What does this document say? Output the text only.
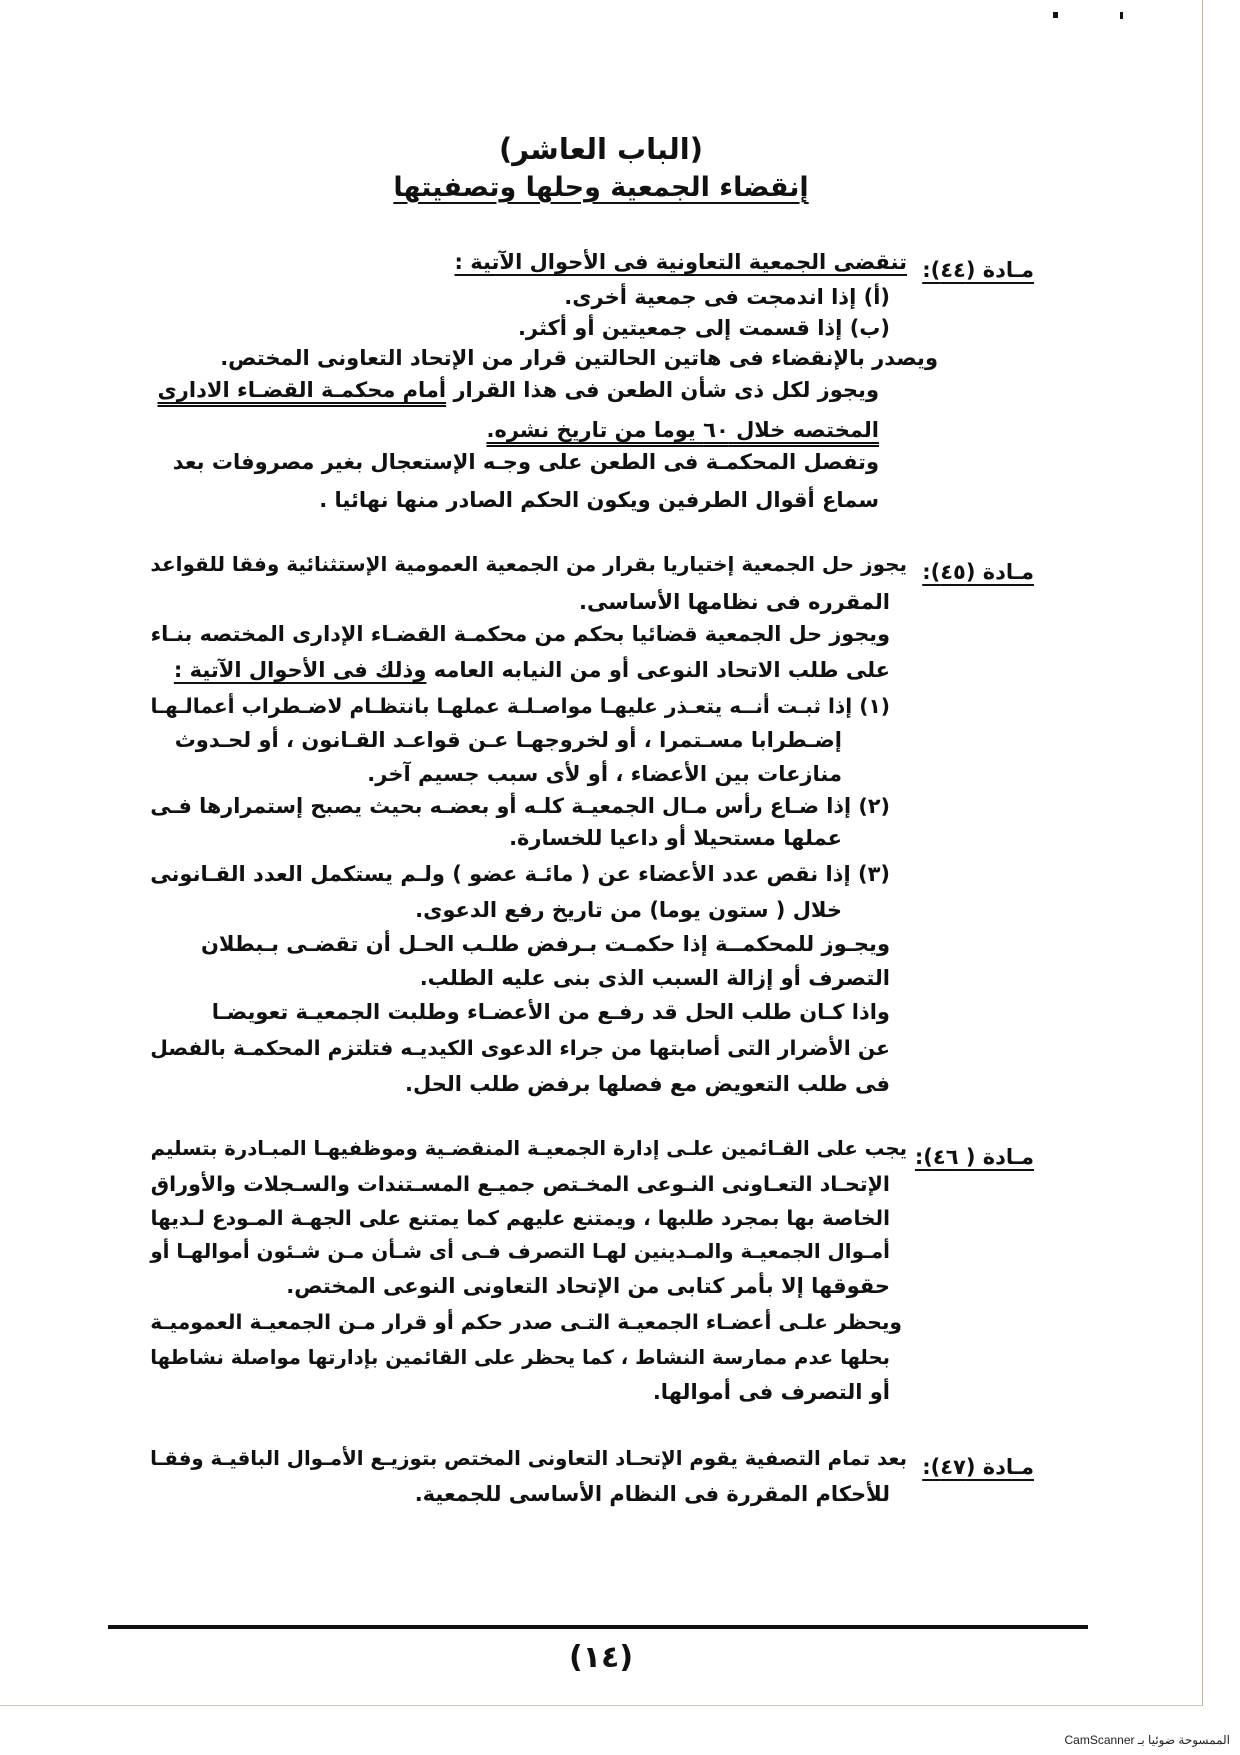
(الباب العاشر)
إنقضاء الجمعية وحلها وتصفيتها
مـادة (٤٤):
تنقضى الجمعية التعاونية فى الأحوال الآتية :
(أ) إذا اندمجت فى جمعية أخرى.
(ب) إذا قسمت إلى جمعيتين أو أكثر.
ويصدر بالإنقضاء فى هاتين الحالتين قرار من الإتحاد التعاونى المختص.
ويجوز لكل ذى شأن الطعن فى هذا القرار أمام محكمـة القضـاء الادارى
المختصه خلال ٦٠ يوما من تاريخ نشره.
وتفصل المحكمـة فى الطعن على وجـه الإستعجال بغير مصروفات بعد
سماع أقوال الطرفين ويكون الحكم الصادر منها نهائيا .
مـادة (٤٥):
يجوز حل الجمعية إختياريا بقرار من الجمعية العمومية الإستثنائية وفقا للقواعد
المقرره فى نظامها الأساسى.
ويجوز حل الجمعية قضائيا بحكم من محكمـة القضـاء الإدارى المختصه بنـاء
على طلب الاتحاد النوعى أو من النيابه العامه وذلك فى الأحوال الآتية :
(١) إذا ثبـت أنــه يتعـذر عليهـا مواصـلـة عملهـا بانتظـام لاضـطراب أعمالـهـا
إضـطرابا مسـتمرا ، أو لخروجهـا عـن قواعـد القـانون ، أو لحـدوث
منازعات بين الأعضاء ، أو لأى سبب جسيم آخر.
(٢) إذا ضـاع رأس مـال الجمعيـة كلـه أو بعضـه بحيث يصبح إستمرارها فـى
عملها مستحيلا أو داعيا للخسارة.
(٣) إذا نقص عدد الأعضاء عن ( مائـة عضو ) ولـم يستكمل العدد القـانونى
خلال ( ستون يوما) من تاريخ رفع الدعوى.
ويجـوز للمحكمــة إذا حكمـت بـرفض طلـب الحـل أن تقضـى بـبطلان
التصرف أو إزالة السبب الذى بنى عليه الطلب.
واذا كـان طلب الحل قد رفـع من الأعضـاء وطلبت الجمعيـة تعويضـا
عن الأضرار التى أصابتها من جراء الدعوى الكيديـه فتلتزم المحكمـة بالفصل
فى طلب التعويض مع فصلها برفض طلب الحل.
مـادة ( ٤٦):
يجب على القـائمين علـى إدارة الجمعيـة المنقضـية وموظفيهـا المبـادرة بتسليم
الإتحـاد التعـاونى النـوعى المخـتص جميـع المسـتندات والسـجلات والأوراق
الخاصة بها بمجرد طلبها ، ويمتنع عليهم كما يمتنع على الجهـة المـودع لـديها
أمـوال الجمعيـة والمـدينين لهـا التصرف فـى أى شـأن مـن شـئون أموالهـا أو
حقوقها إلا بأمر كتابى من الإتحاد التعاونى النوعى المختص.
ويحظر علـى أعضـاء الجمعيـة التـى صدر حكم أو قرار مـن الجمعيـة العموميـة
بحلها عدم ممارسة النشاط ، كما يحظر على القائمين بإدارتها مواصلة نشاطها
أو التصرف فى أموالها.
مـادة (٤٧):
بعد تمام التصفية يقوم الإتحـاد التعاونى المختص بتوزيـع الأمـوال الباقيـة وفقـا
للأحكام المقررة فى النظام الأساسى للجمعية.
(١٤)
الممسوحة ضوئيا بـ CamScanner
